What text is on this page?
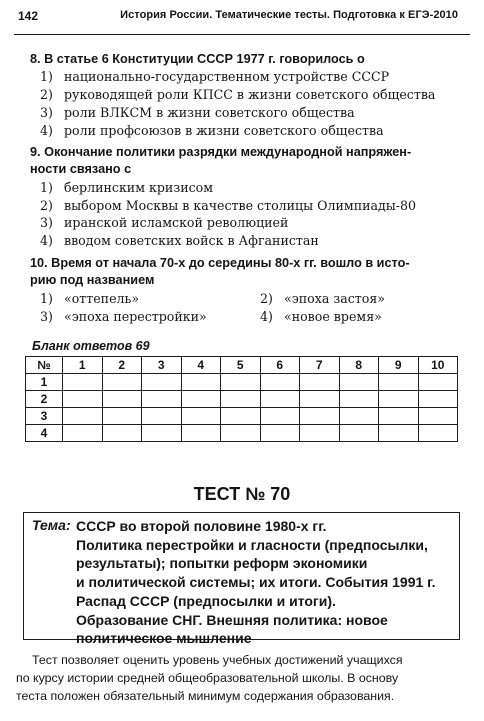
142	История России. Тематические тесты. Подготовка к ЕГЭ-2010
8. В статье 6 Конституции СССР 1977 г. говорилось о
1) национально-государственном устройстве СССР
2) руководящей роли КПСС в жизни советского общества
3) роли ВЛКСМ в жизни советского общества
4) роли профсоюзов в жизни советского общества
9. Окончание политики разрядки международной напряжен-
ности связано с
1) берлинским кризисом
2) выбором Москвы в качестве столицы Олимпиады-80
3) иранской исламской революцией
4) вводом советских войск в Афганистан
10. Время от начала 70-х до середины 80-х гг. вошло в исто-
рию под названием
1) «оттепель»	2) «эпоха застоя»
3) «эпоха перестройки»	4) «новое время»
Бланк ответов 69
№	1	2	3	4	5	6	7	8	9	10
1										
2										
3										
4										
ТЕСТ № 70
Тема: СССР во второй половине 1980-х гг.
Политика перестройки и гласности (предпосылки,
результаты); попытки реформ экономики
и политической системы; их итоги. События 1991 г.
Распад СССР (предпосылки и итоги).
Образование СНГ. Внешняя политика: новое
политическое мышление
Тест позволяет оценить уровень учебных достижений учащихся
по курсу истории средней общеобразовательной школы. В основу
теста положен обязательный минимум содержания образования.
